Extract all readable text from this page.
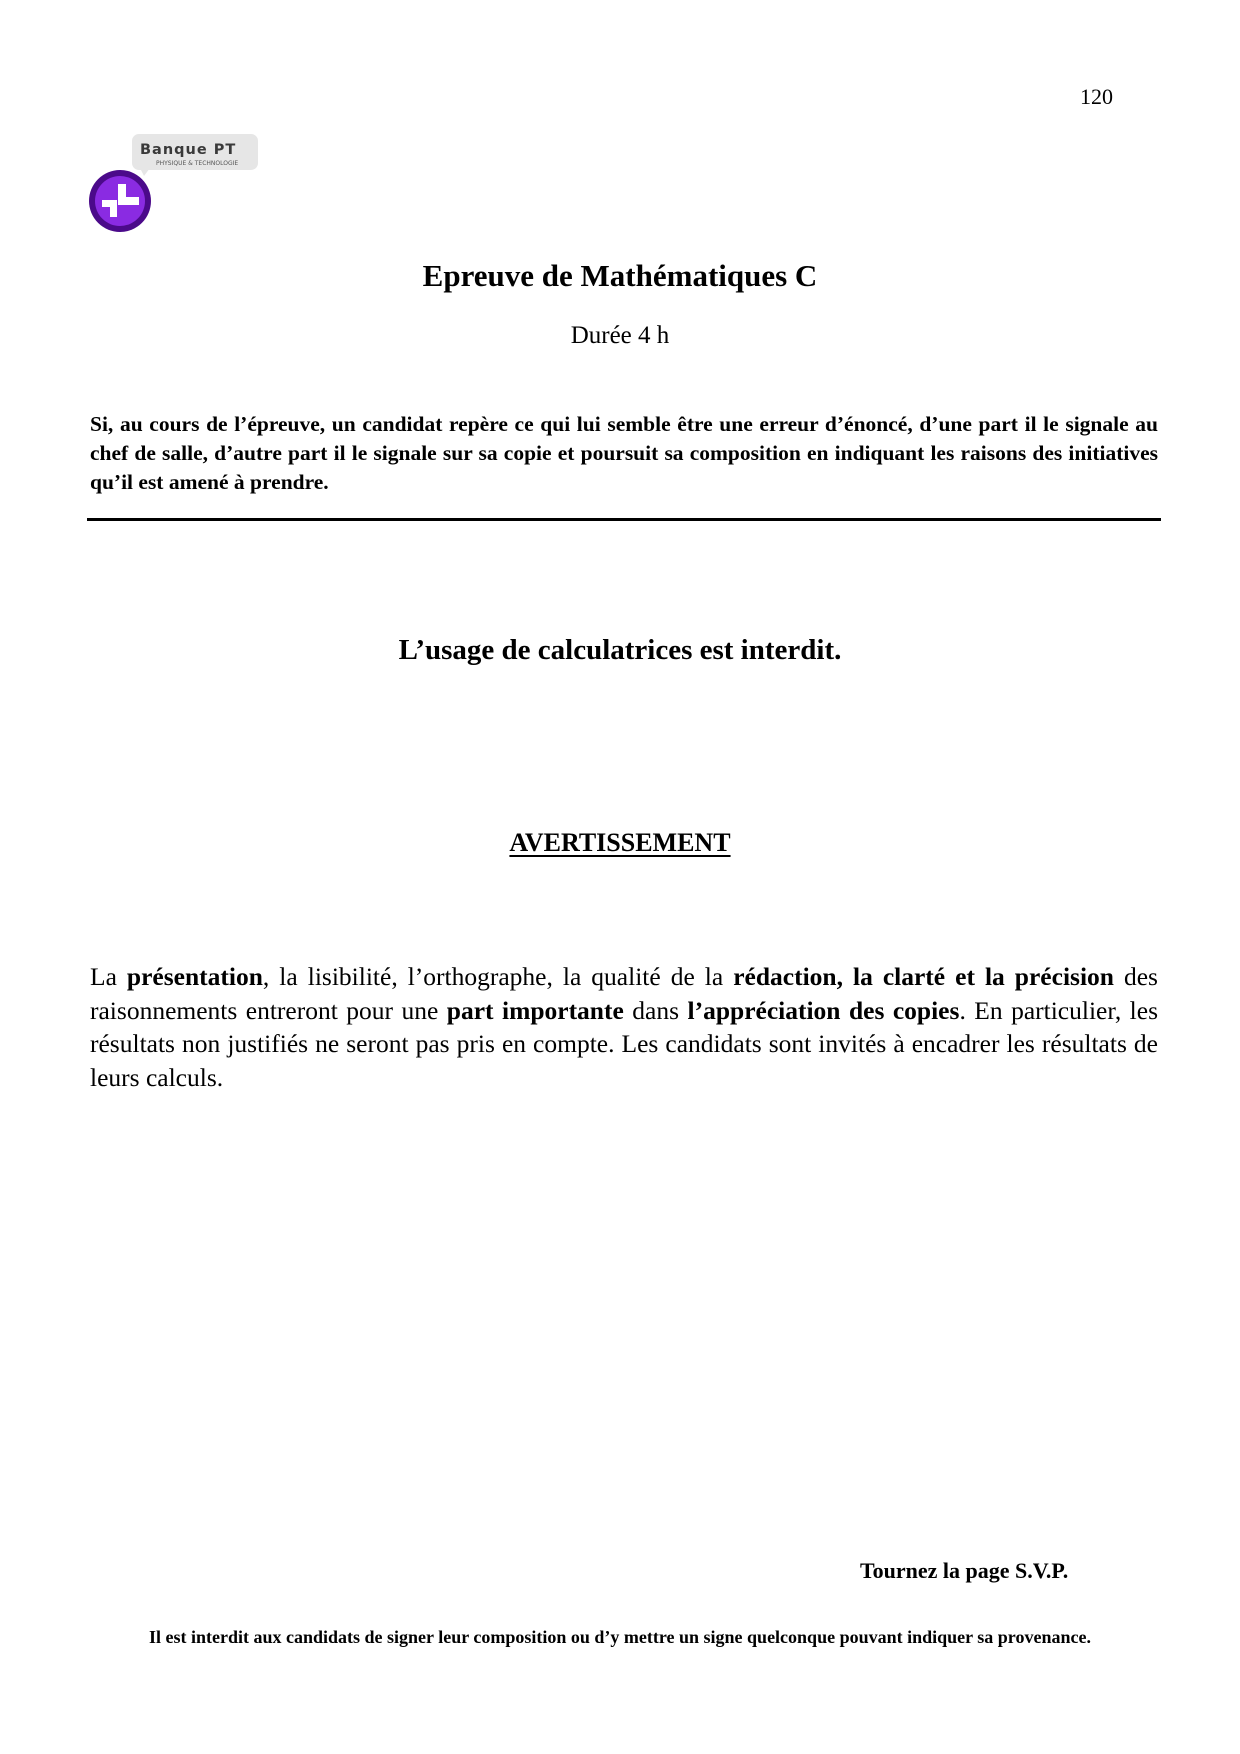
120
Banque PT
PHYSIQUE & TECHNOLOGIE
Epreuve de Mathématiques C
Durée 4 h
Si, au cours de l’épreuve, un candidat repère ce qui lui semble être une erreur d’énoncé, d’une part il le signale au chef de salle, d’autre part il le signale sur sa copie et poursuit sa composition en indiquant les raisons des initiatives qu’il est amené à prendre.
L’usage de calculatrices est interdit.
AVERTISSEMENT
La présentation, la lisibilité, l’orthographe, la qualité de la rédaction, la clarté et la précision des raisonnements entreront pour une part importante dans l’appréciation des copies. En particulier, les résultats non justifiés ne seront pas pris en compte. Les candidats sont invités à encadrer les résultats de leurs calculs.
Tournez la page S.V.P.
Il est interdit aux candidats de signer leur composition ou d’y mettre un signe quelconque pouvant indiquer sa provenance.
